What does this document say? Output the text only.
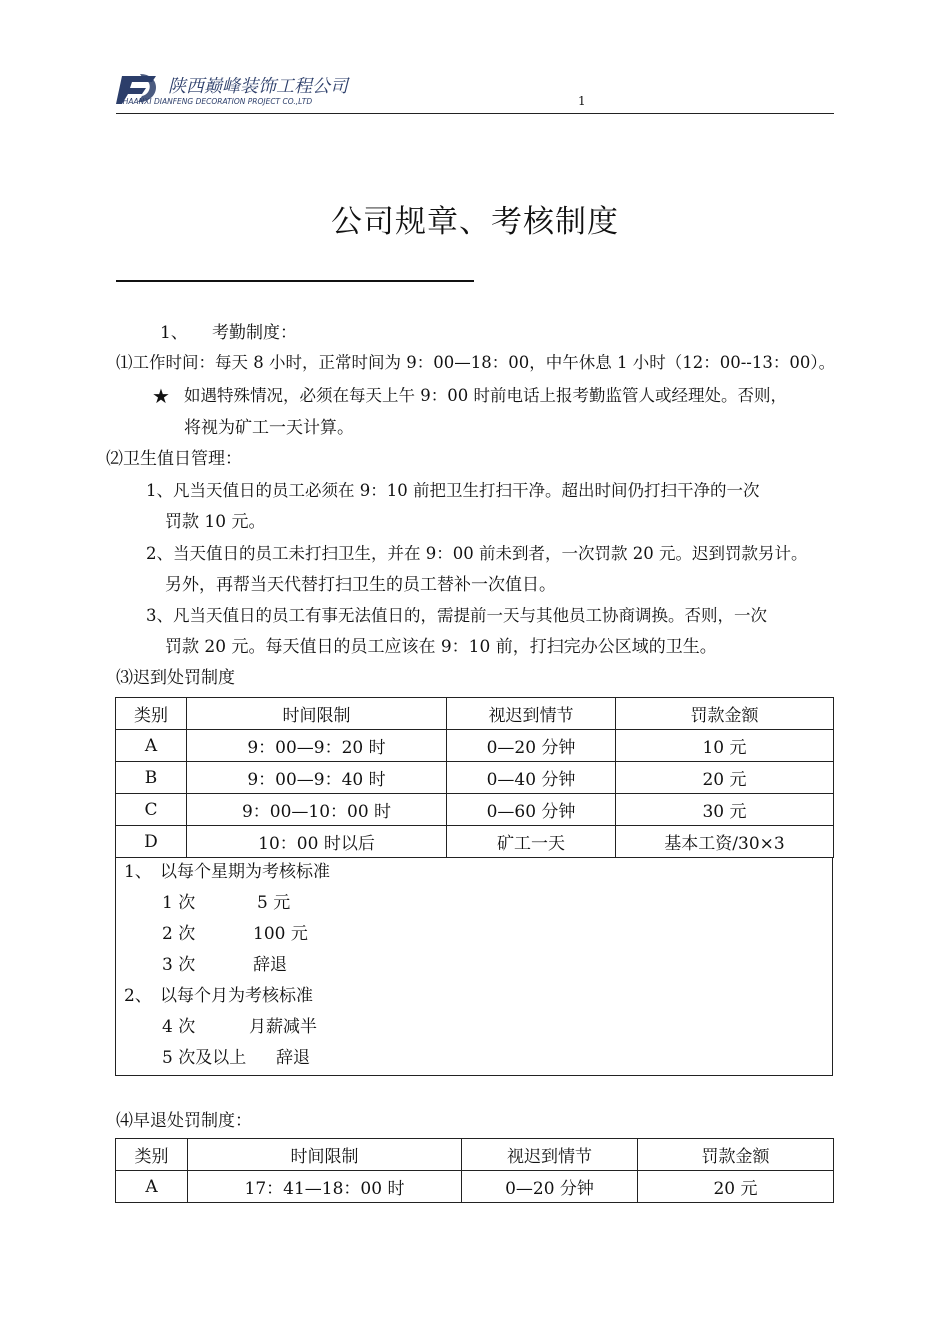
陕西巅峰装饰工程公司
SHAANXI DIANFENG DECORATION PROJECT CO.,LTD	1
公司规章、考核制度
1、 考勤制度：
⑴工作时间：每天 8 小时，正常时间为 9：00—18：00，中午休息 1 小时（12：00--13：00）。
★ 如遇特殊情况，必须在每天上午 9：00 时前电话上报考勤监管人或经理处。否则，
将视为矿工一天计算。
⑵卫生值日管理：
1、凡当天值日的员工必须在 9：10 前把卫生打扫干净。超出时间仍打扫干净的一次
罚款 10 元。
2、当天值日的员工未打扫卫生，并在 9：00 前未到者，一次罚款 20 元。迟到罚款另计。
另外，再帮当天代替打扫卫生的员工替补一次值日。
3、凡当天值日的员工有事无法值日的，需提前一天与其他员工协商调换。否则，一次
罚款 20 元。每天值日的员工应该在 9：10 前，打扫完办公区域的卫生。
⑶迟到处罚制度
类别	时间限制	视迟到情节	罚款金额
A	9：00—9：20 时	0—20 分钟	10 元
B	9：00—9：40 时	0—40 分钟	20 元
C	9：00—10：00 时	0—60 分钟	30 元
D	10：00 时以后	矿工一天	基本工资/30×3
1、 以每个星期为考核标准
1 次	5 元
2 次	100 元
3 次	辞退
2、 以每个月为考核标准
4 次	月薪减半
5 次及以上 辞退
⑷早退处罚制度：
类别	时间限制	视迟到情节	罚款金额
A	17：41—18：00 时	0—20 分钟	20 元
